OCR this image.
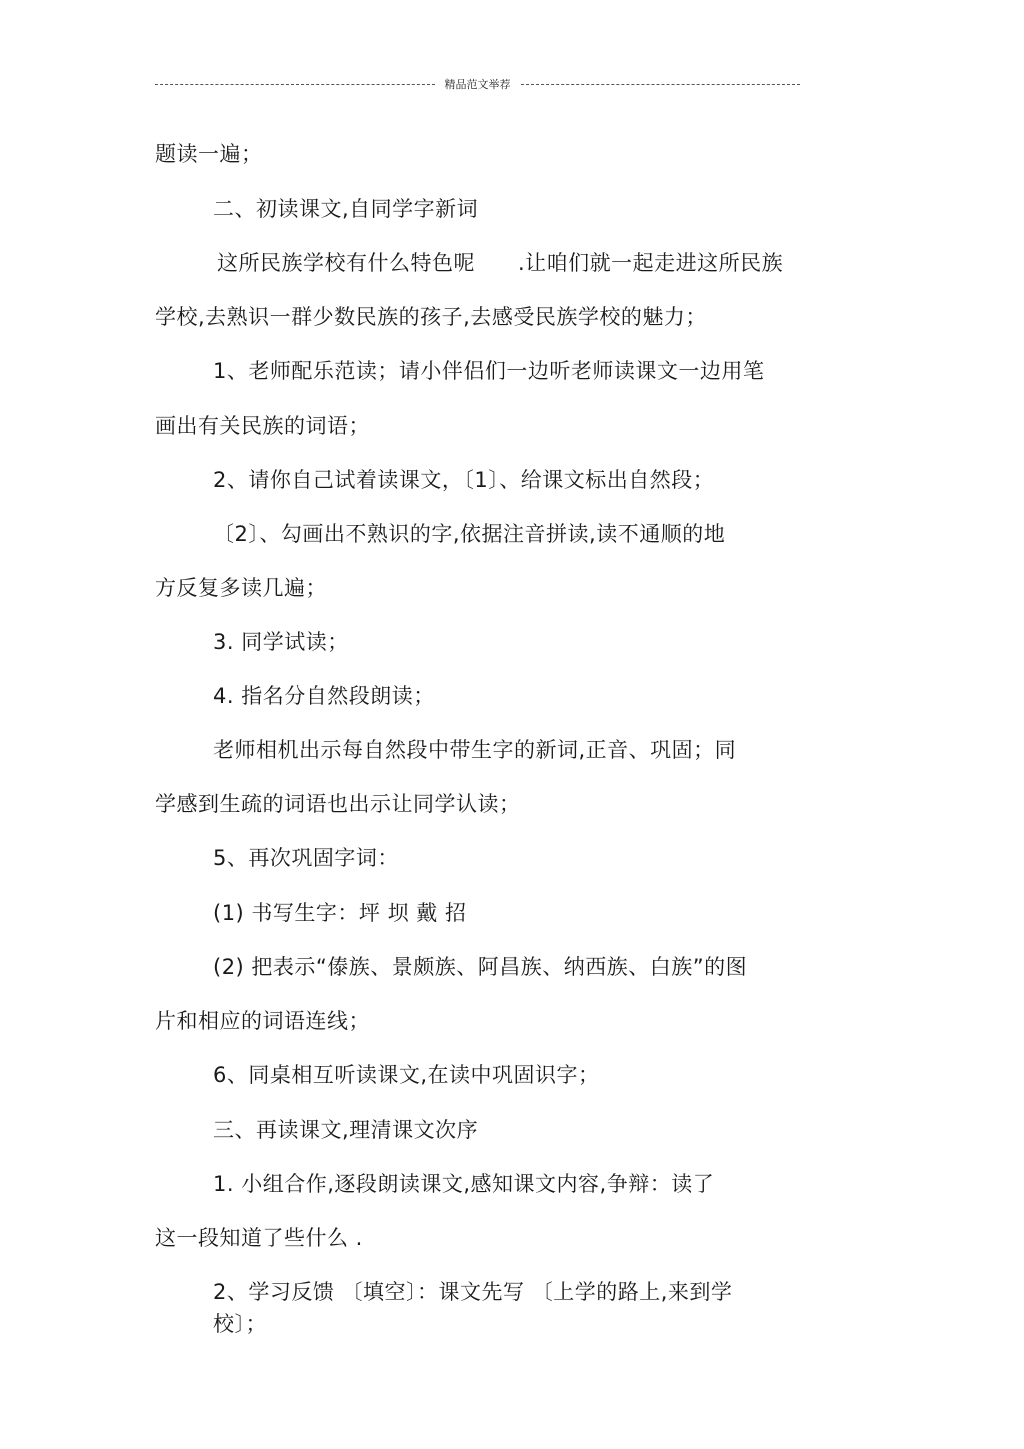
精品范文举荐
题读一遍；
二、初读课文,自同学字新词
这所民族学校有什么特色呢　　.让咱们就一起走进这所民族
学校,去熟识一群少数民族的孩子,去感受民族学校的魅力；
1、老师配乐范读；请小伴侣们一边听老师读课文一边用笔
画出有关民族的词语；
2、请你自己试着读课文，〔1〕、给课文标出自然段；
〔2〕、勾画出不熟识的字,依据注音拼读,读不通顺的地
方反复多读几遍；
3. 同学试读；
4. 指名分自然段朗读；
老师相机出示每自然段中带生字的新词,正音、巩固；同
学感到生疏的词语也出示让同学认读；
5、再次巩固字词：
(1) 书写生字：坪 坝 戴 招
(2) 把表示“傣族、景颇族、阿昌族、纳西族、白族”的图
片和相应的词语连线；
6、同桌相互听读课文,在读中巩固识字；
三、再读课文,理清课文次序
1. 小组合作,逐段朗读课文,感知课文内容,争辩：读了
这一段知道了些什么 .
2、学习反馈 〔填空〕：课文先写 〔上学的路上,来到学
校〕；
